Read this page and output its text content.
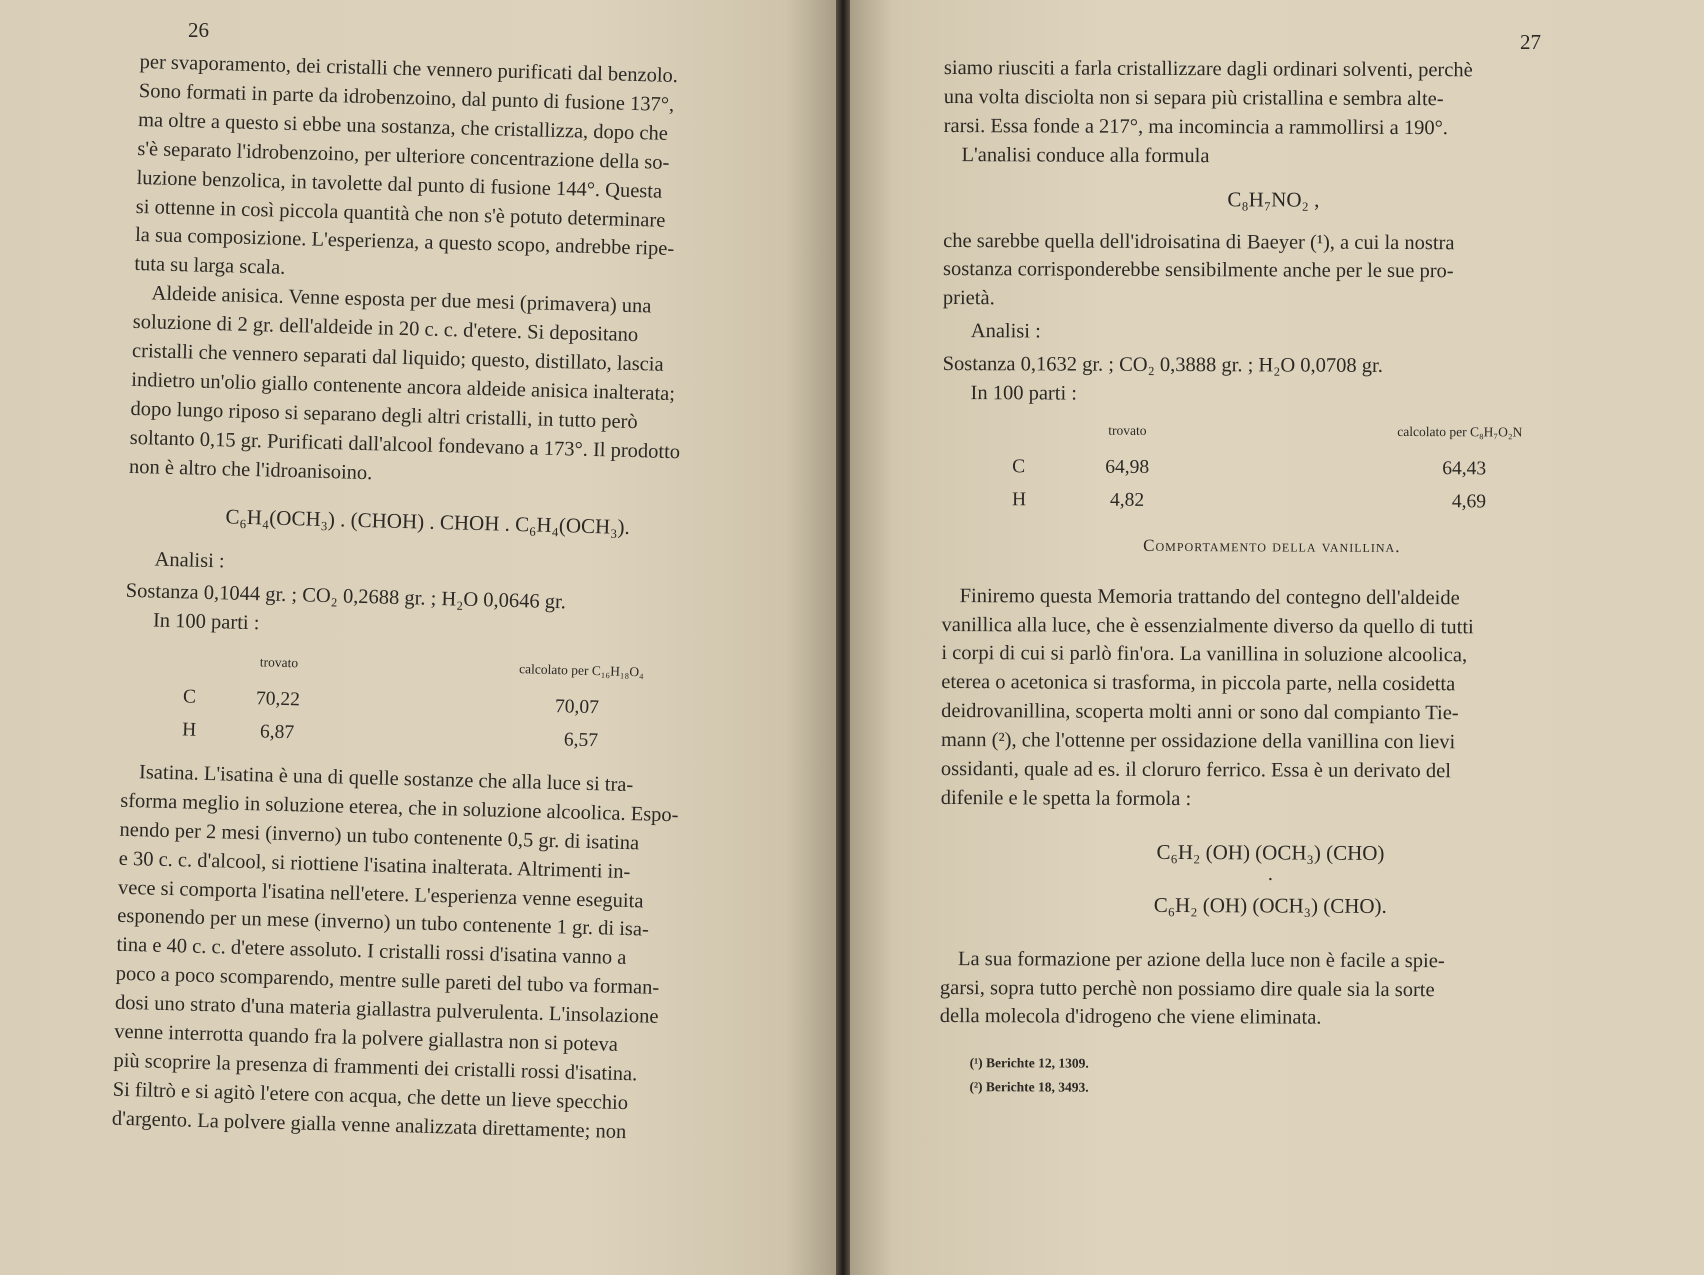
26
per svaporamento, dei cristalli che vennero purificati dal benzolo.
Sono formati in parte da idrobenzoino, dal punto di fusione 137°,
ma oltre a questo si ebbe una sostanza, che cristallizza, dopo che
s'è separato l'idrobenzoino, per ulteriore concentrazione della so-
luzione benzolica, in tavolette dal punto di fusione 144°. Questa
si ottenne in così piccola quantità che non s'è potuto determinare
la sua composizione. L'esperienza, a questo scopo, andrebbe ripe-
tuta su larga scala.
Aldeide anisica. Venne esposta per due mesi (primavera) una
soluzione di 2 gr. dell'aldeide in 20 c. c. d'etere. Si depositano
cristalli che vennero separati dal liquido; questo, distillato, lascia
indietro un'olio giallo contenente ancora aldeide anisica inalterata;
dopo lungo riposo si separano degli altri cristalli, in tutto però
soltanto 0,15 gr. Purificati dall'alcool fondevano a 173°. Il prodotto
non è altro che l'idroanisoino.
C₆H₄(OCH₃) . (CHOH) . CHOH . C₆H₄(OCH₃).
Analisi :
Sostanza 0,1044 gr. ; CO₂ 0,2688 gr. ; H₂O 0,0646 gr.
In 100 parti :
	trovato	calcolato per C₁₆H₁₈O₄
C	70,22	70,07
H	6,87	6,57
Isatina. L'isatina è una di quelle sostanze che alla luce si tra-
sforma meglio in soluzione eterea, che in soluzione alcoolica. Espo-
nendo per 2 mesi (inverno) un tubo contenente 0,5 gr. di isatina
e 30 c. c. d'alcool, si riottiene l'isatina inalterata. Altrimenti in-
vece si comporta l'isatina nell'etere. L'esperienza venne eseguita
esponendo per un mese (inverno) un tubo contenente 1 gr. di isa-
tina e 40 c. c. d'etere assoluto. I cristalli rossi d'isatina vanno a
poco a poco scomparendo, mentre sulle pareti del tubo va forman-
dosi uno strato d'una materia giallastra pulverulenta. L'insolazione
venne interrotta quando fra la polvere giallastra non si poteva
più scoprire la presenza di frammenti dei cristalli rossi d'isatina.
Si filtrò e si agitò l'etere con acqua, che dette un lieve specchio
d'argento. La polvere gialla venne analizzata direttamente; non
27
siamo riusciti a farla cristallizzare dagli ordinari solventi, perchè
una volta disciolta non si separa più cristallina e sembra alte-
rarsi. Essa fonde a 217°, ma incomincia a rammollirsi a 190°.
L'analisi conduce alla formula
C₈H₇NO₂ ,
che sarebbe quella dell'idroisatina di Baeyer (¹), a cui la nostra
sostanza corrisponderebbe sensibilmente anche per le sue pro-
prietà.
Analisi :
Sostanza 0,1632 gr. ; CO₂ 0,3888 gr. ; H₂O 0,0708 gr.
In 100 parti :
	trovato	calcolato per C₈H₇O₂N
C	64,98	64,43
H	4,82	4,69
Comportamento della vanillina.
Finiremo questa Memoria trattando del contegno dell'aldeide
vanillica alla luce, che è essenzialmente diverso da quello di tutti
i corpi di cui si parlò fin'ora. La vanillina in soluzione alcoolica,
eterea o acetonica si trasforma, in piccola parte, nella cosidetta
deidrovanillina, scoperta molti anni or sono dal compianto Tie-
mann (²), che l'ottenne per ossidazione della vanillina con lievi
ossidanti, quale ad es. il cloruro ferrico. Essa è un derivato del
difenile e le spetta la formola :
C₆H₂ (OH) (OCH₃) (CHO)
•
C₆H₂ (OH) (OCH₃) (CHO).
La sua formazione per azione della luce non è facile a spie-
garsi, sopra tutto perchè non possiamo dire quale sia la sorte
della molecola d'idrogeno che viene eliminata.
(¹) Berichte 12, 1309.
(²) Berichte 18, 3493.
